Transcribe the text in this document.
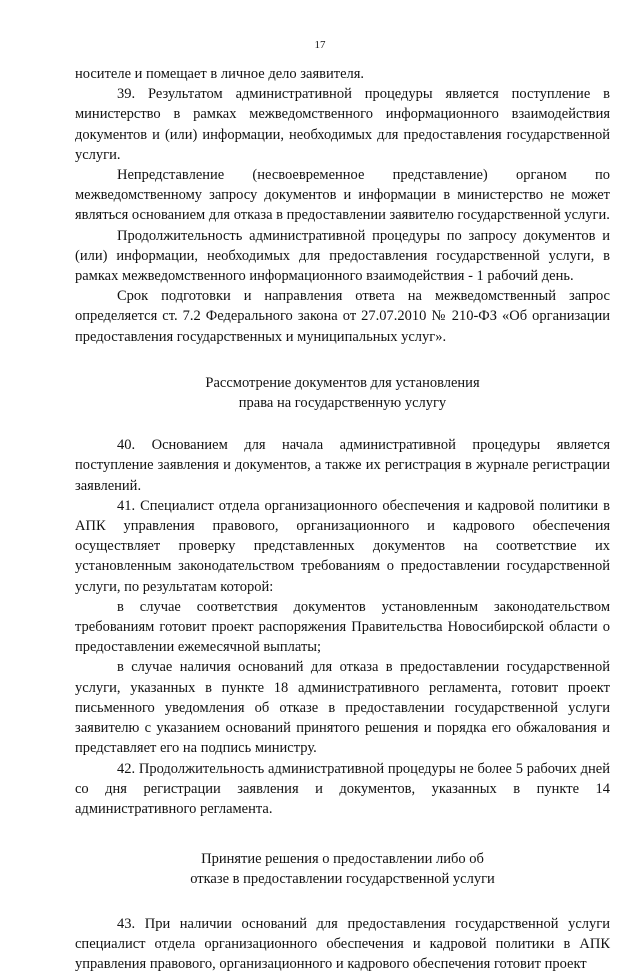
17

носителе и помещает в личное дело заявителя.

39. Результатом административной процедуры является поступление в министерство в рамках межведомственного информационного взаимодействия документов и (или) информации, необходимых для предоставления государственной услуги.

Непредставление (несвоевременное представление) органом по межведомственному запросу документов и информации в министерство не может являться основанием для отказа в предоставлении заявителю государственной услуги.

Продолжительность административной процедуры по запросу документов и (или) информации, необходимых для предоставления государственной услуги, в рамках межведомственного информационного взаимодействия - 1 рабочий день.

Срок подготовки и направления ответа на межведомственный запрос определяется ст. 7.2 Федерального закона от 27.07.2010 № 210-ФЗ «Об организации предоставления государственных и муниципальных услуг».

Рассмотрение документов для установления

права на государственную услугу

40. Основанием для начала административной процедуры является поступление заявления и документов, а также их регистрация в журнале регистрации заявлений.

41. Специалист отдела организационного обеспечения и кадровой политики в АПК управления правового, организационного и кадрового обеспечения осуществляет проверку представленных документов на соответствие их установленным законодательством требованиям о предоставлении государственной услуги, по результатам которой:

в случае соответствия документов установленным законодательством требованиям готовит проект распоряжения Правительства Новосибирской области о предоставлении ежемесячной выплаты;

в случае наличия оснований для отказа в предоставлении государственной услуги, указанных в пункте 18 административного регламента, готовит проект письменного уведомления об отказе в предоставлении государственной услуги заявителю с указанием оснований принятого решения и порядка его обжалования и представляет его на подпись министру.

42. Продолжительность административной процедуры не более 5 рабочих дней со дня регистрации заявления и документов, указанных в пункте 14 административного регламента.

Принятие решения о предоставлении либо об

отказе в предоставлении государственной услуги

43. При наличии оснований для предоставления государственной услуги специалист отдела организационного обеспечения и кадровой политики в АПК управления правового, организационного и кадрового обеспечения готовит проект
